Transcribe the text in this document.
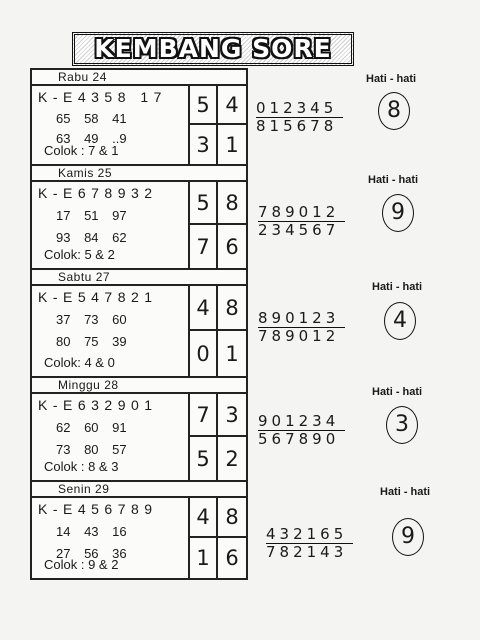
KEMBANG SORE
Rabu 24
K-E4358 17
65 58 41
63 49 ..9
Colok : 7 & 1
5 4
3 1
Kamis 25
K-E678932
17 51 97
93 84 62
Colok: 5 & 2
5 8
7 6
Sabtu 27
K-E547821
37 73 60
80 75 39
Colok: 4 & 0
4 8
0 1
Minggu 28
K-E632901
62 60 91
73 80 57
Colok : 8 & 3
7 3
5 2
Senin 29
K-E456789
14 43 16
27 56 36
Colok : 9 & 2
4 8
1 6
Hati - hati
$\frac{012345}{815678}$	8
Hati - hati
$\frac{789012}{234567}$	9
Hati - hati
$\frac{890123}{789012}$	4
Hati - hati
$\frac{901234}{567890}$	3
Hati - hati
$\frac{432165}{782143}$	9
